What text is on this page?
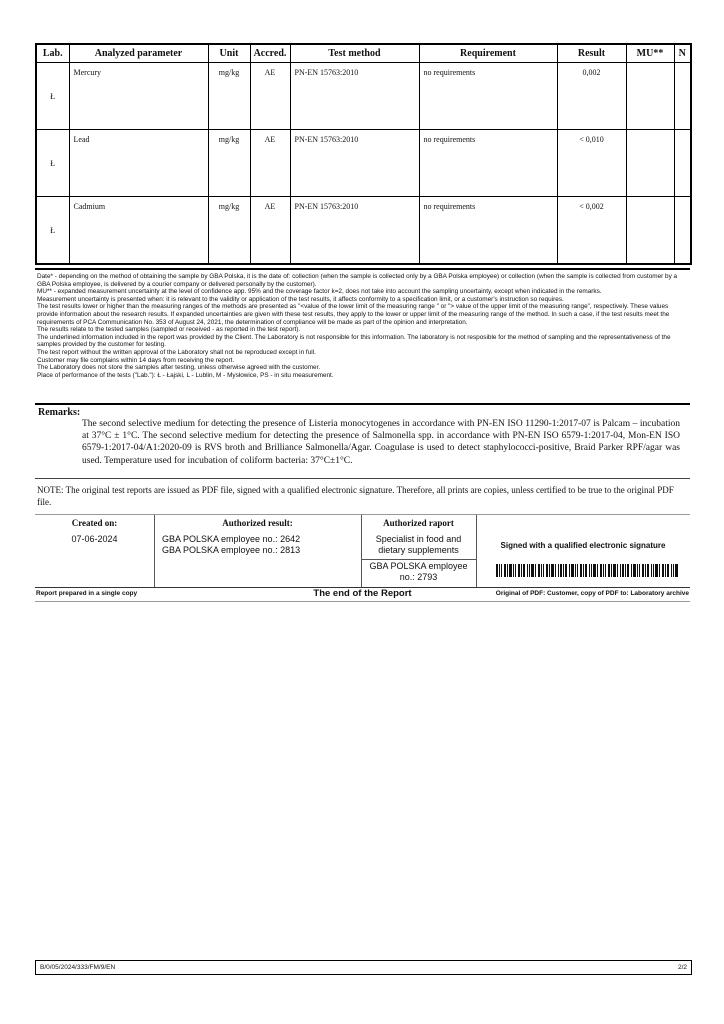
Lab.	Analyzed parameter	Unit	Accred.	Test method	Requirement	Result	MU**	N
Ł	Mercury	mg/kg	AE	PN-EN 15763:2010	no requirements	0,002		
Ł	Lead	mg/kg	AE	PN-EN 15763:2010	no requirements	< 0,010		
Ł	Cadmium	mg/kg	AE	PN-EN 15763:2010	no requirements	< 0,002		

Date* - depending on the method of obtaining the sample by GBA Polska, it is the date of: collection (when the sample is collected only by a GBA Polska employee) or collection (when the sample is collected from customer by a GBA Polska employee, is delivered by a courier company or delivered personally by the customer).

MU** - expanded measurement uncertainty at the level of confidence app. 95% and the coverage factor k=2, does not take into account the sampling uncertainty, except when indicated in the remarks.

Measurement uncertainty is presented when: it is relevant to the validity or application of the test results, it affects conformity to a specification limit, or a customer's instruction so requires.

The test results lower or higher than the measuring ranges of the methods are presented as "<value of the lower limit of the measuring range " or "> value of the upper limit of the measuring range", respectively. These values provide information about the research results. If expanded uncertainties are given with these test results, they apply to the lower or upper limit of the measuring range of the method. In such a case, if the test results meet the requirements of PCA Communication No. 353 of August 24, 2021, the determination of compliance will be made as part of the opinion and interpretation.

The results relate to the tested samples (sampled or received - as reported in the test report).

The underlined information included in the report was provided by the Client. The Laboratory is not responsible for this information. The laboratory is not resposible for the method of sampling and the representativeness of the samples provided by the customer for testing.

The test report without the written approval of the Laboratory shall not be reproduced except in full.

Customer may file complains within 14 days from receiving the report.

The Laboratory does not store the samples after testing, unless otherwise agreed with the customer.

Place of performance of the tests ("Lab."): Ł - Łajski, L - Lublin, M - Mysłowice, PS - in situ measurement.

Remarks:
The second selective medium for detecting the presence of Listeria monocytogenes in accordance with PN-EN ISO 11290-1:2017-07 is Palcam – incubation at 37°C ± 1°C. The second selective medium for detecting the presence of Salmonella spp. in accordance with PN-EN ISO 6579-1:2017-04, Mon-EN ISO 6579-1:2017-04/A1:2020-09 is RVS broth and Brilliance Salmonella/Agar. Coagulase is used to detect staphylococci-positive, Braid Parker RPF/agar was used. Temperature used for incubation of coliform bacteria: 37°C±1°C.
NOTE: The original test reports are issued as PDF file, signed with a qualified electronic signature. Therefore, all prints are copies, unless certified to be true to the original PDF file.
Created on:
07-06-2024
Authorized result:
GBA POLSKA employee no.: 2642
GBA POLSKA employee no.: 2813
Authorized raport
Specialist in food and dietary supplements
GBA POLSKA employee no.: 2793
Signed with a qualified electronic signature
Report prepared in a single copy	The end of the Report	Original of PDF: Customer, copy of PDF to: Laboratory archive
B/0/05/2024/333/FM/9/EN	2/2
